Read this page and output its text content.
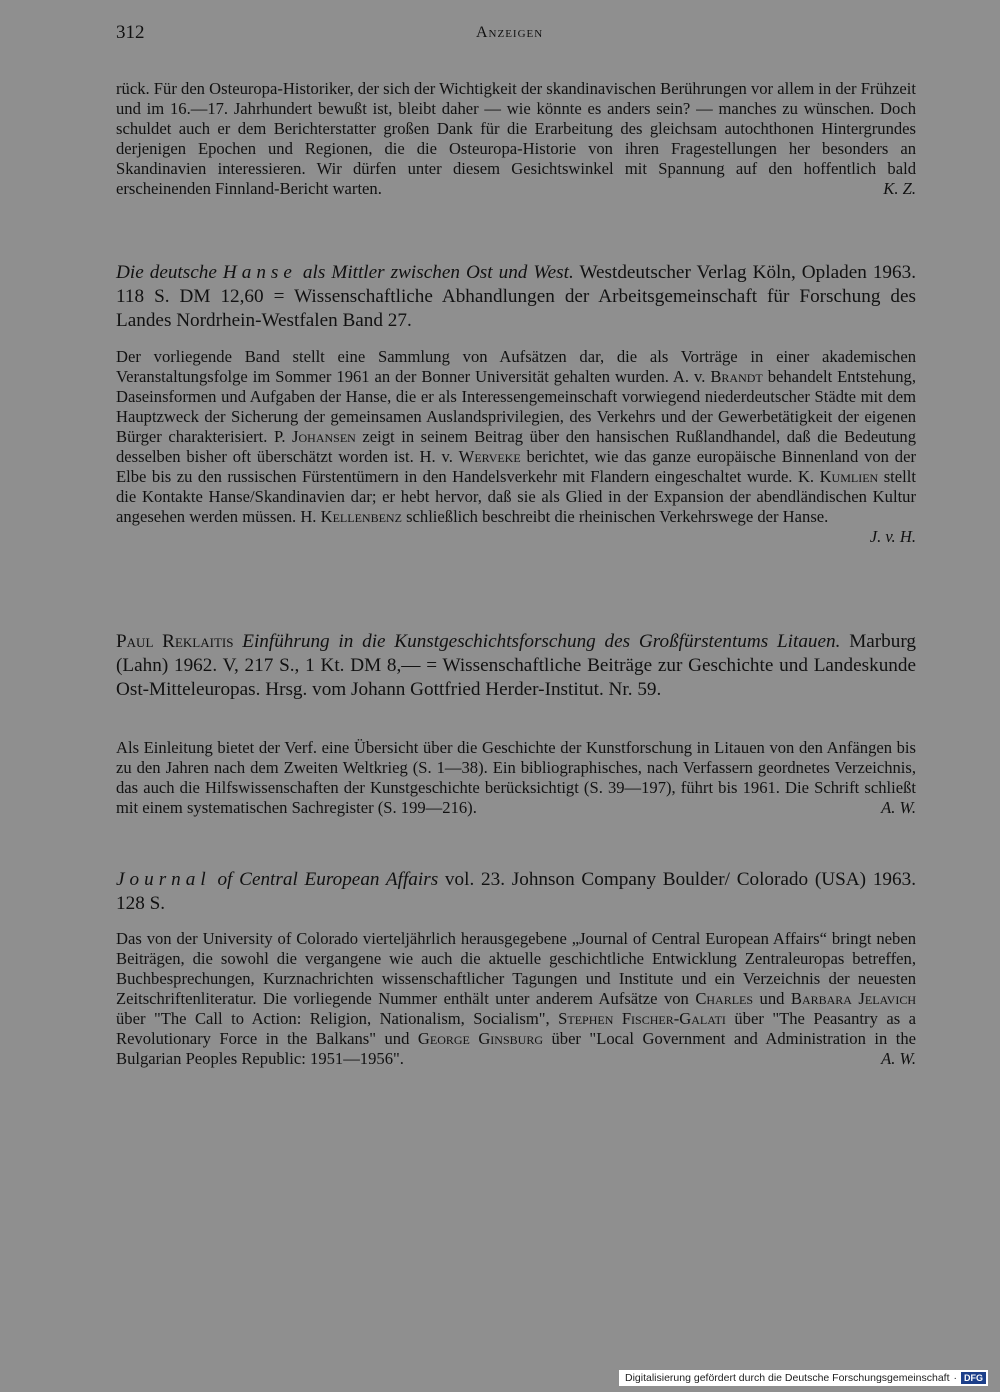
312	Anzeigen
rück. Für den Osteuropa-Historiker, der sich der Wichtigkeit der skandinavischen Berührungen vor allem in der Frühzeit und im 16.—17. Jahrhundert bewußt ist, bleibt daher — wie könnte es anders sein? — manches zu wünschen. Doch schuldet auch er dem Berichterstatter großen Dank für die Erarbeitung des gleichsam autochthonen Hintergrundes derjenigen Epochen und Regionen, die die Osteuropa-Historie von ihren Fragestellungen her besonders an Skandinavien interessieren. Wir dürfen unter diesem Gesichtswinkel mit Spannung auf den hoffentlich bald erscheinenden Finnland-Bericht warten.	K. Z.
Die deutsche Hanse als Mittler zwischen Ost und West. Westdeutscher Verlag Köln, Opladen 1963. 118 S. DM 12,60 = Wissenschaftliche Abhandlungen der Arbeitsgemeinschaft für Forschung des Landes Nordrhein-Westfalen Band 27.
Der vorliegende Band stellt eine Sammlung von Aufsätzen dar, die als Vorträge in einer akademischen Veranstaltungsfolge im Sommer 1961 an der Bonner Universität gehalten wurden. A. v. Brandt behandelt Entstehung, Daseinsformen und Aufgaben der Hanse, die er als Interessengemeinschaft vorwiegend niederdeutscher Städte mit dem Hauptzweck der Sicherung der gemeinsamen Auslandsprivilegien, des Verkehrs und der Gewerbetätigkeit der eigenen Bürger charakterisiert. P. Johansen zeigt in seinem Beitrag über den hansischen Rußlandhandel, daß die Bedeutung desselben bisher oft überschätzt worden ist. H. v. Werveke berichtet, wie das ganze europäische Binnenland von der Elbe bis zu den russischen Fürstentümern in den Handelsverkehr mit Flandern eingeschaltet wurde. K. Kumlien stellt die Kontakte Hanse/Skandinavien dar; er hebt hervor, daß sie als Glied in der Expansion der abendländischen Kultur angesehen werden müssen. H. Kellenbenz schließlich beschreibt die rheinischen Verkehrswege der Hanse.
J. v. H.
Paul Reklaitis Einführung in die Kunstgeschichtsforschung des Großfürstentums Litauen. Marburg (Lahn) 1962. V, 217 S., 1 Kt. DM 8,— = Wissenschaftliche Beiträge zur Geschichte und Landeskunde Ost-Mitteleuropas. Hrsg. vom Johann Gottfried Herder-Institut. Nr. 59.
Als Einleitung bietet der Verf. eine Übersicht über die Geschichte der Kunstforschung in Litauen von den Anfängen bis zu den Jahren nach dem Zweiten Weltkrieg (S. 1—38). Ein bibliographisches, nach Verfassern geordnetes Verzeichnis, das auch die Hilfswissenschaften der Kunstgeschichte berücksichtigt (S. 39—197), führt bis 1961. Die Schrift schließt mit einem systematischen Sachregister (S. 199—216).	A. W.
Journal of Central European Affairs vol. 23. Johnson Company Boulder/ Colorado (USA) 1963. 128 S.
Das von der University of Colorado vierteljährlich herausgegebene „Journal of Central European Affairs“ bringt neben Beiträgen, die sowohl die vergangene wie auch die aktuelle geschichtliche Entwicklung Zentraleuropas betreffen, Buchbesprechungen, Kurznachrichten wissenschaftlicher Tagungen und Institute und ein Verzeichnis der neuesten Zeitschriftenliteratur. Die vorliegende Nummer enthält unter anderem Aufsätze von Charles und Barbara Jelavich über "The Call to Action: Religion, Nationalism, Socialism", Stephen Fischer-Galati über "The Peasantry as a Revolutionary Force in the Balkans" und George Ginsburg über "Local Government and Administration in the Bulgarian Peoples Republic: 1951—1956".	A. W.
Digitalisierung gefördert durch die Deutsche Forschungsgemeinschaft · DFG
